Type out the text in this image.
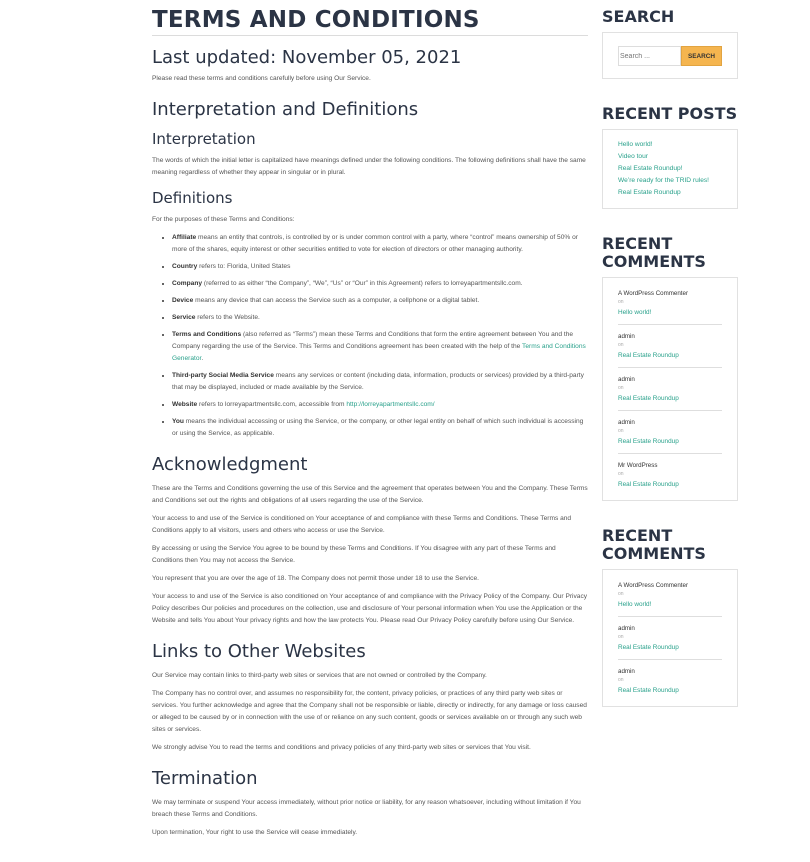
TERMS AND CONDITIONS
Last updated: November 05, 2021

Please read these terms and conditions carefully before using Our Service.

Interpretation and Definitions
Interpretation

The words of which the initial letter is capitalized have meanings defined under the following conditions. The following definitions shall have the same meaning regardless of whether they appear in singular or in plural.

Definitions

For the purposes of these Terms and Conditions:

• Affiliate means an entity that controls, is controlled by or is under common control with a party, where “control” means ownership of 50% or more of the shares, equity interest or other securities entitled to vote for election of directors or other managing authority.
• Country refers to: Florida, United States
• Company (referred to as either “the Company”, “We”, “Us” or “Our” in this Agreement) refers to lorreyapartmentsllc.com.
• Device means any device that can access the Service such as a computer, a cellphone or a digital tablet.
• Service refers to the Website.
• Terms and Conditions (also referred as “Terms”) mean these Terms and Conditions that form the entire agreement between You and the Company regarding the use of the Service. This Terms and Conditions agreement has been created with the help of the Terms and Conditions Generator.
• Third-party Social Media Service means any services or content (including data, information, products or services) provided by a third-party that may be displayed, included or made available by the Service.
• Website refers to lorreyapartmentsllc.com, accessible from http://lorreyapartmentsllc.com/
• You means the individual accessing or using the Service, or the company, or other legal entity on behalf of which such individual is accessing or using the Service, as applicable.
Acknowledgment

These are the Terms and Conditions governing the use of this Service and the agreement that operates between You and the Company. These Terms and Conditions set out the rights and obligations of all users regarding the use of the Service.

Your access to and use of the Service is conditioned on Your acceptance of and compliance with these Terms and Conditions. These Terms and Conditions apply to all visitors, users and others who access or use the Service.

By accessing or using the Service You agree to be bound by these Terms and Conditions. If You disagree with any part of these Terms and Conditions then You may not access the Service.

You represent that you are over the age of 18. The Company does not permit those under 18 to use the Service.

Your access to and use of the Service is also conditioned on Your acceptance of and compliance with the Privacy Policy of the Company. Our Privacy Policy describes Our policies and procedures on the collection, use and disclosure of Your personal information when You use the Application or the Website and tells You about Your privacy rights and how the law protects You. Please read Our Privacy Policy carefully before using Our Service.

Links to Other Websites

Our Service may contain links to third-party web sites or services that are not owned or controlled by the Company.

The Company has no control over, and assumes no responsibility for, the content, privacy policies, or practices of any third party web sites or services. You further acknowledge and agree that the Company shall not be responsible or liable, directly or indirectly, for any damage or loss caused or alleged to be caused by or in connection with the use of or reliance on any such content, goods or services available on or through any such web sites or services.

We strongly advise You to read the terms and conditions and privacy policies of any third-party web sites or services that You visit.

Termination

We may terminate or suspend Your access immediately, without prior notice or liability, for any reason whatsoever, including without limitation if You breach these Terms and Conditions.

Upon termination, Your right to use the Service will cease immediately.

SEARCH
Search ...
SEARCH
RECENT POSTS
Hello world!
Video tour
Real Estate Roundup!
We’re ready for the TRID rules!
Real Estate Roundup
RECENT COMMENTS
A WordPress Commenter
on
Hello world!
admin
on
Real Estate Roundup
admin
on
Real Estate Roundup
admin
on
Real Estate Roundup
Mr WordPress
on
Real Estate Roundup
RECENT COMMENTS
A WordPress Commenter
on
Hello world!
admin
on
Real Estate Roundup
admin
on
Real Estate Roundup
